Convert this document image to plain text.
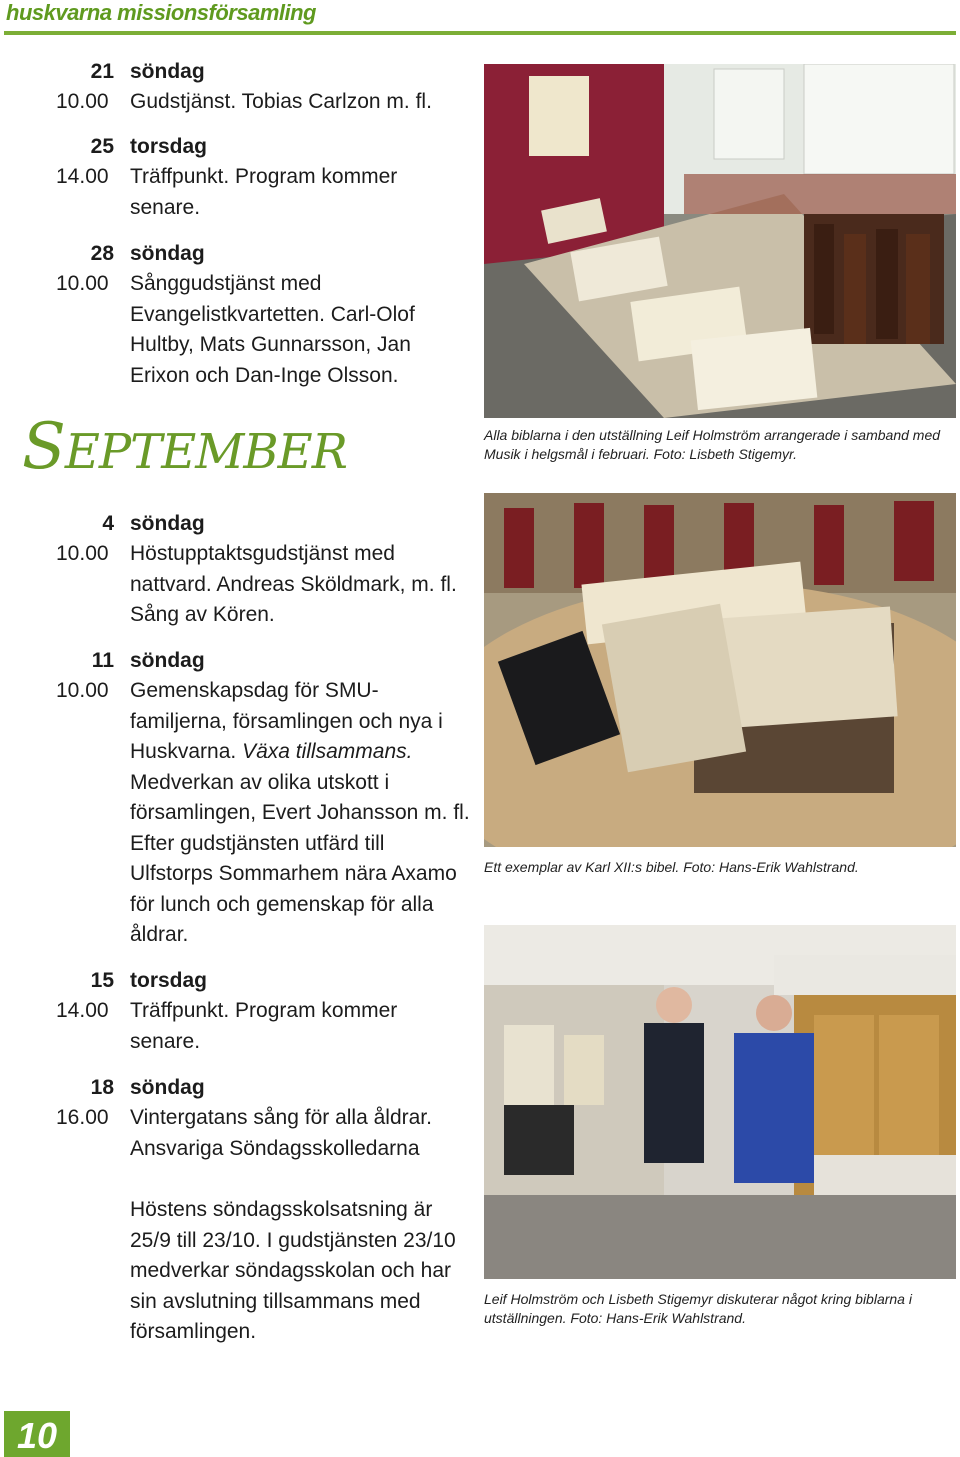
huskvarna missionsförsamling
21 söndag
10.00	Gudstjänst. Tobias Carlzon m. fl.
25 torsdag
14.00	Träffpunkt. Program kommer senare.
28 söndag
10.00	Sånggudstjänst med Evangelistkvartetten. Carl-Olof Hultby, Mats Gunnarsson, Jan Erixon och Dan-Inge Olsson.
SEPTEMBER
4 söndag
10.00	Höstupptaktsgudstjänst med nattvard. Andreas Sköldmark, m. fl. Sång av Kören.
11 söndag
10.00	Gemenskapsdag för SMU-familjerna, församlingen och nya i Huskvarna. Växa tillsammans. Medverkan av olika utskott i församlingen, Evert Johansson m. fl. Efter gudstjänsten utfärd till Ulfstorps Sommarhem nära Axamo för lunch och gemenskap för alla åldrar.
15 torsdag
14.00	Träffpunkt. Program kommer senare.
18 söndag
16.00	Vintergatans sång för alla åldrar. Ansvariga Söndagsskolledarna
Höstens söndagsskolsatsning är 25/9 till 23/10. I gudstjänsten 23/10 medverkar söndagsskolan och har sin avslutning tillsammans med församlingen.
Alla biblarna i den utställning Leif Holmström arrangerade i samband med Musik i helgsmål i februari. Foto: Lisbeth Stigemyr.
Ett exemplar av Karl XII:s bibel. Foto: Hans-Erik Wahlstrand.
Leif Holmström och Lisbeth Stigemyr diskuterar något kring biblarna i utställningen. Foto: Hans-Erik Wahlstrand.
10
